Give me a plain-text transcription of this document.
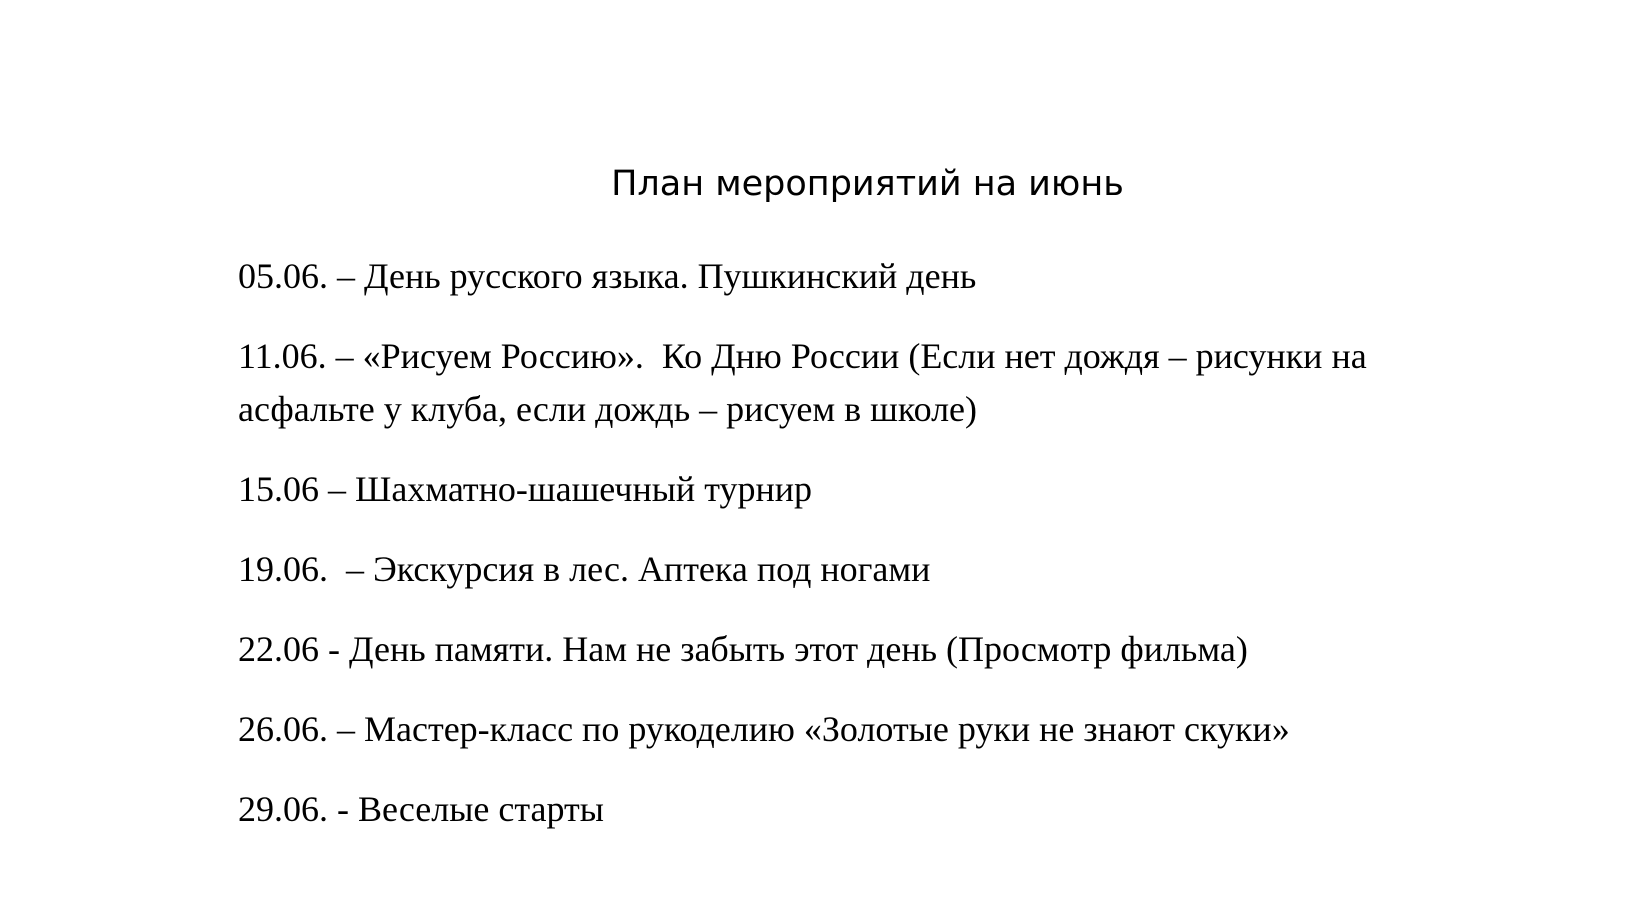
План мероприятий на июнь
05.06. – День русского языка. Пушкинский день
11.06. – «Рисуем Россию».  Ко Дню России (Если нет дождя – рисунки на асфальте у клуба, если дождь – рисуем в школе)
15.06 – Шахматно-шашечный турнир
19.06.  – Экскурсия в лес. Аптека под ногами
22.06 - День памяти. Нам не забыть этот день (Просмотр фильма)
26.06. – Мастер-класс по рукоделию «Золотые руки не знают скуки»
29.06. - Веселые старты
